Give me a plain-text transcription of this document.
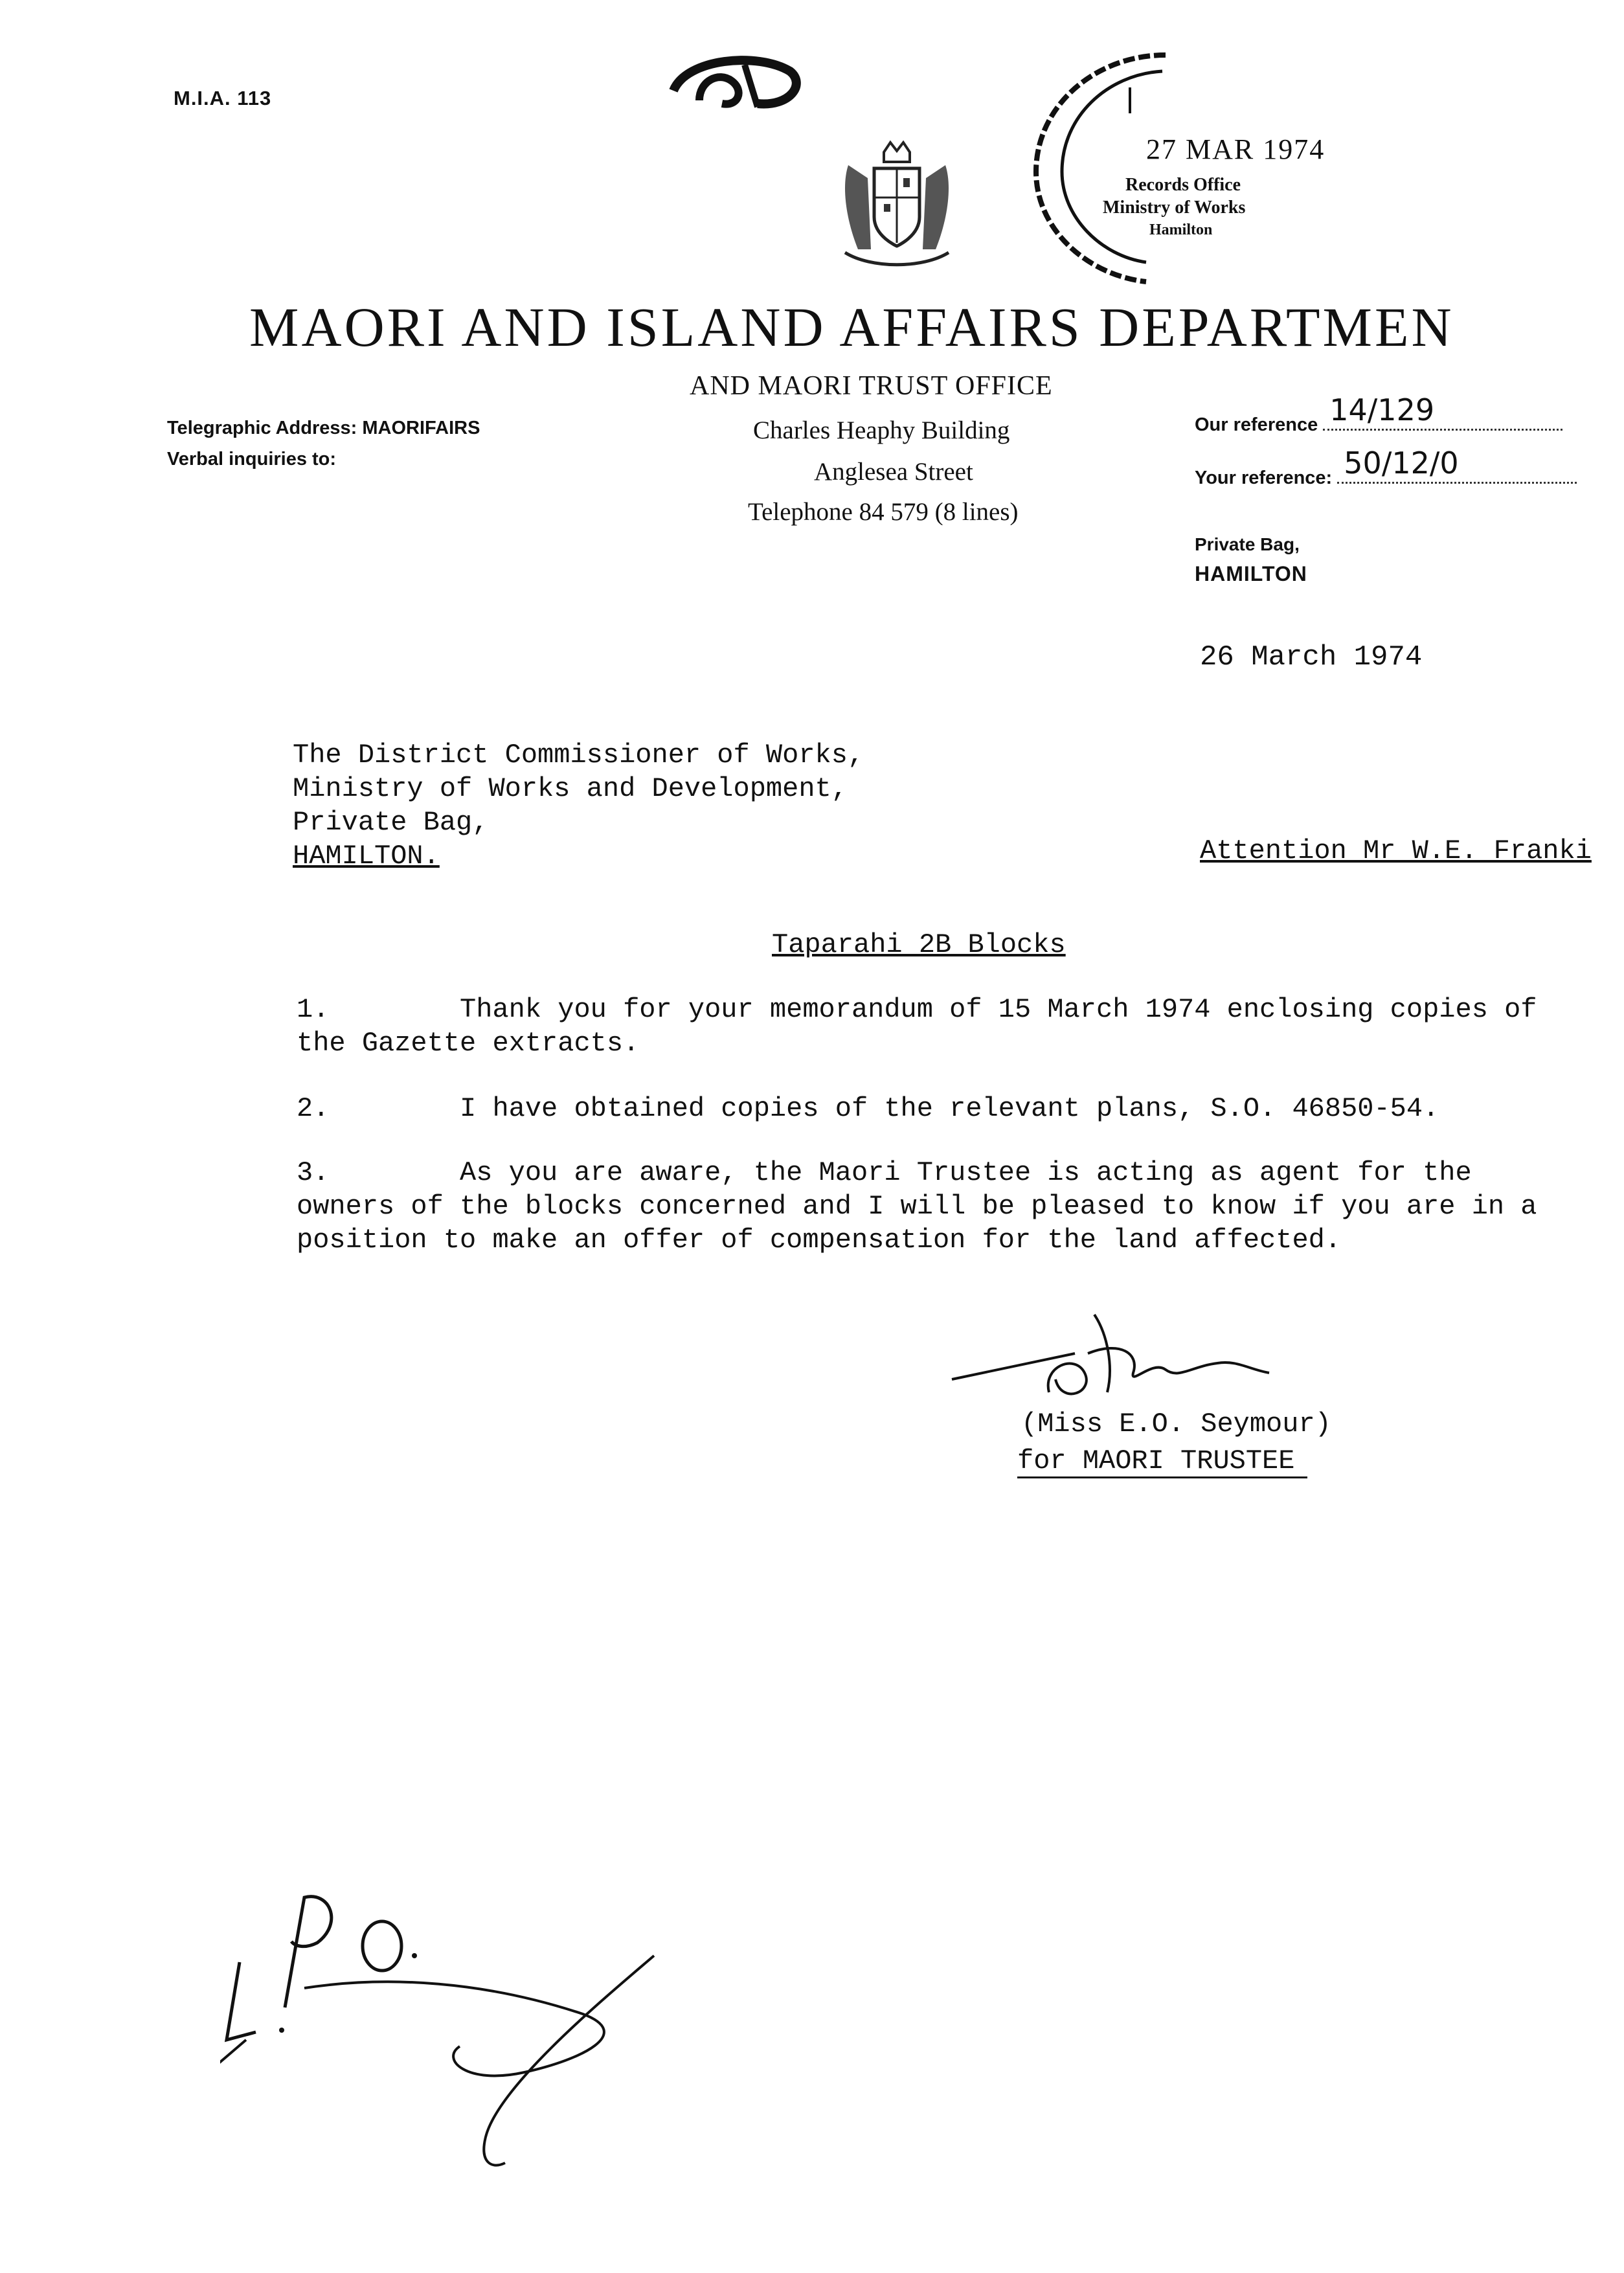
M.I.A. 113
27 MAR 1974
Records Office
Ministry of Works
Hamilton
MAORI AND ISLAND AFFAIRS DEPARTMEN
AND MAORI TRUST OFFICE
Charles Heaphy Building
Anglesea Street
Telephone 84 579 (8 lines)
Telegraphic Address: MAORIFAIRS
Verbal inquiries to:
Our reference 14/129
Your reference: 50/12/0
Private Bag,
HAMILTON
26 March 1974
The District Commissioner of Works,
Ministry of Works and Development,
Private Bag,
HAMILTON.	Attention Mr W.E. Franki
Taparahi 2B Blocks
1.        Thank you for your memorandum of 15 March 1974 enclosing copies of
the Gazette extracts.
2.        I have obtained copies of the relevant plans, S.O. 46850-54.
3.        As you are aware, the Maori Trustee is acting as agent for the
owners of the blocks concerned and I will be pleased to know if you are in a
position to make an offer of compensation for the land affected.
(Miss E.O. Seymour)
for MAORI TRUSTEE
